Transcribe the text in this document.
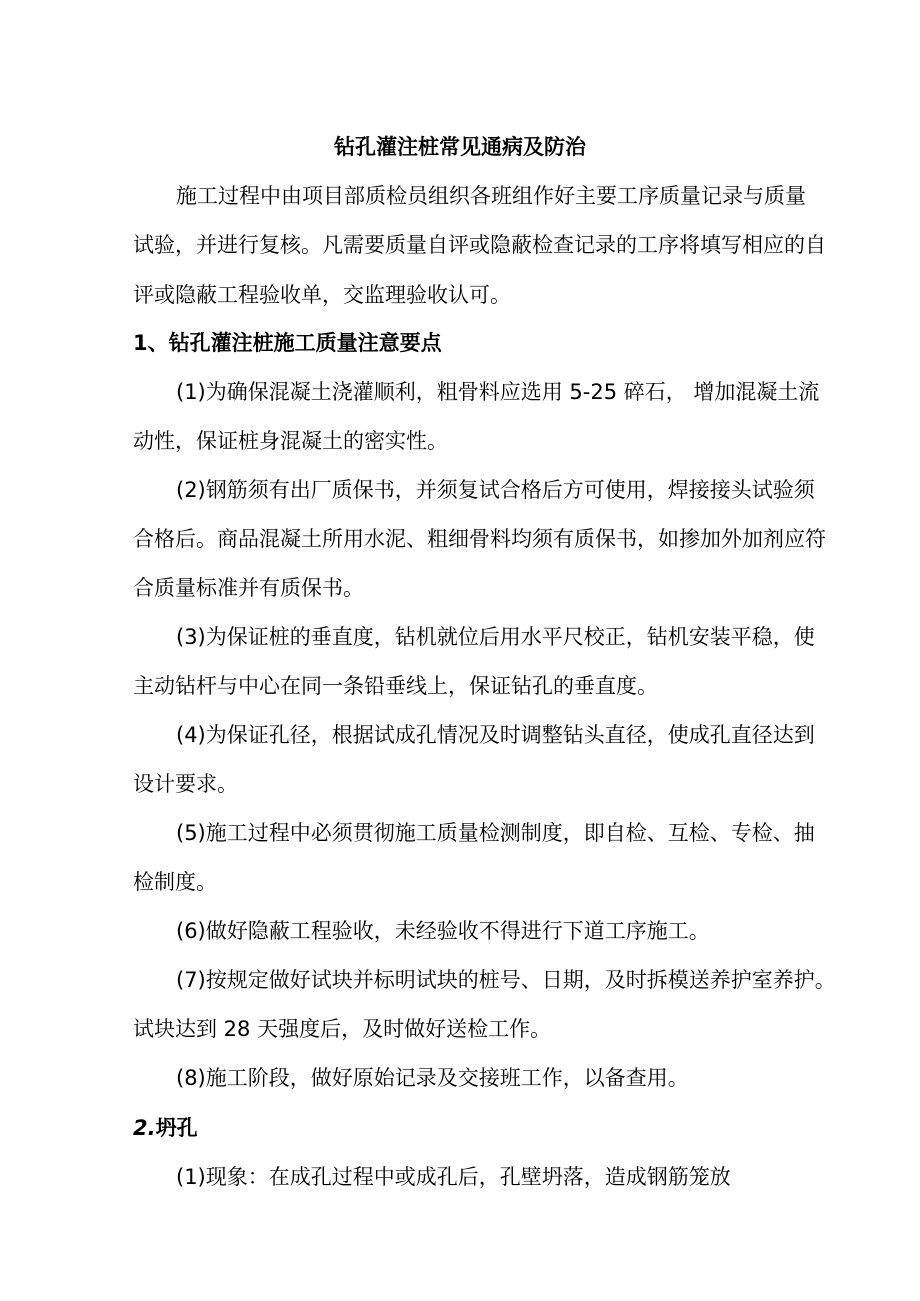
钻孔灌注桩常见通病及防治
施工过程中由项目部质检员组织各班组作好主要工序质量记录与质量
试验，并进行复核。凡需要质量自评或隐蔽检查记录的工序将填写相应的自
评或隐蔽工程验收单，交监理验收认可。
1、钻孔灌注桩施工质量注意要点
(1)为确保混凝土浇灌顺利，粗骨料应选用 5-25 碎石， 增加混凝土流
动性，保证桩身混凝土的密实性。
(2)钢筋须有出厂质保书，并须复试合格后方可使用，焊接接头试验须
合格后。商品混凝土所用水泥、粗细骨料均须有质保书，如掺加外加剂应符
合质量标准并有质保书。
(3)为保证桩的垂直度，钻机就位后用水平尺校正，钻机安装平稳，使
主动钻杆与中心在同一条铅垂线上，保证钻孔的垂直度。
(4)为保证孔径，根据试成孔情况及时调整钻头直径，使成孔直径达到
设计要求。
(5)施工过程中必须贯彻施工质量检测制度，即自检、互检、专检、抽
检制度。
(6)做好隐蔽工程验收，未经验收不得进行下道工序施工。
(7)按规定做好试块并标明试块的桩号、日期，及时拆模送养护室养护。
试块达到 28 天强度后，及时做好送检工作。
(8)施工阶段，做好原始记录及交接班工作，以备查用。
2.坍孔
(1)现象：在成孔过程中或成孔后，孔壁坍落，造成钢筋笼放
